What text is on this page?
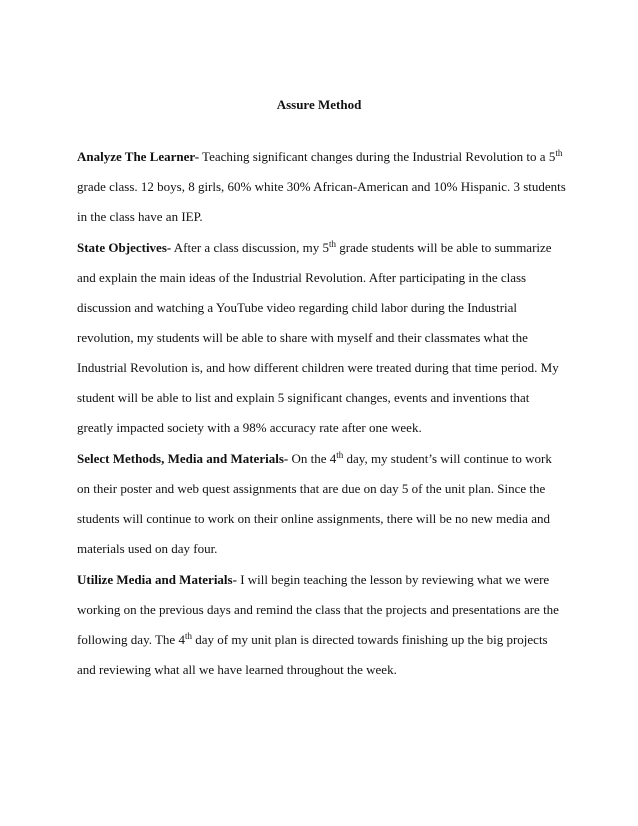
Assure Method

Analyze The Learner- Teaching significant changes during the Industrial Revolution to a 5th grade class. 12 boys, 8 girls, 60% white 30% African-American and 10% Hispanic. 3 students in the class have an IEP.

State Objectives- After a class discussion, my 5th grade students will be able to summarize and explain the main ideas of the Industrial Revolution. After participating in the class discussion and watching a YouTube video regarding child labor during the Industrial revolution, my students will be able to share with myself and their classmates what the Industrial Revolution is, and how different children were treated during that time period. My student will be able to list and explain 5 significant changes, events and inventions that greatly impacted society with a 98% accuracy rate after one week.

Select Methods, Media and Materials- On the 4th day, my student’s will continue to work on their poster and web quest assignments that are due on day 5 of the unit plan. Since the students will continue to work on their online assignments, there will be no new media and materials used on day four.

Utilize Media and Materials- I will begin teaching the lesson by reviewing what we were working on the previous days and remind the class that the projects and presentations are the following day. The 4th day of my unit plan is directed towards finishing up the big projects and reviewing what all we have learned throughout the week.
